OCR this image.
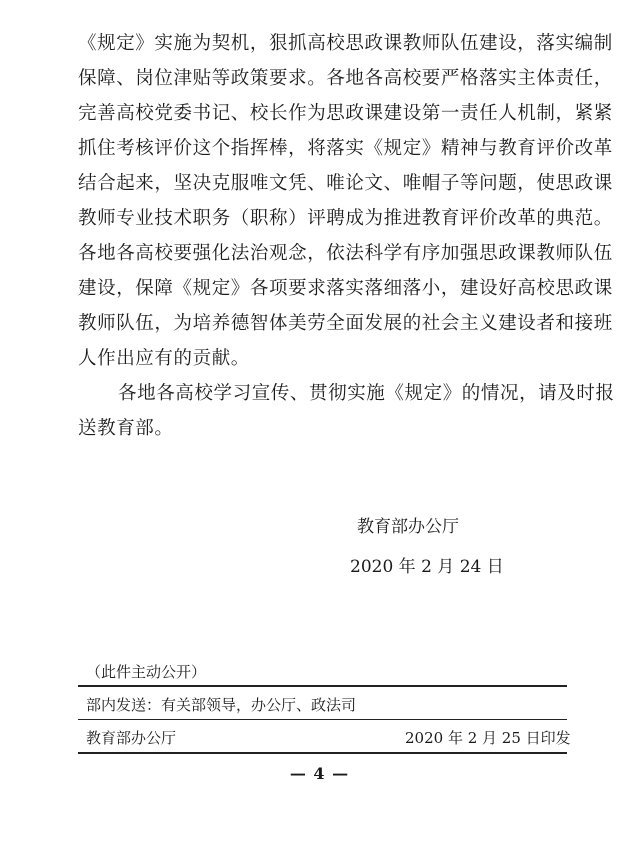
《规定》实施为契机，狠抓高校思政课教师队伍建设，落实编制
保障、岗位津贴等政策要求。各地各高校要严格落实主体责任，
完善高校党委书记、校长作为思政课建设第一责任人机制，紧紧
抓住考核评价这个指挥棒，将落实《规定》精神与教育评价改革
结合起来，坚决克服唯文凭、唯论文、唯帽子等问题，使思政课
教师专业技术职务（职称）评聘成为推进教育评价改革的典范。
各地各高校要强化法治观念，依法科学有序加强思政课教师队伍
建设，保障《规定》各项要求落实落细落小，建设好高校思政课
教师队伍，为培养德智体美劳全面发展的社会主义建设者和接班
人作出应有的贡献。
各地各高校学习宣传、贯彻实施《规定》的情况，请及时报
送教育部。
教育部办公厅
2020 年 2 月 24 日
（此件主动公开）
部内发送：有关部领导，办公厅、政法司
教育部办公厅	2020 年 2 月 25 日印发
— 4 —
